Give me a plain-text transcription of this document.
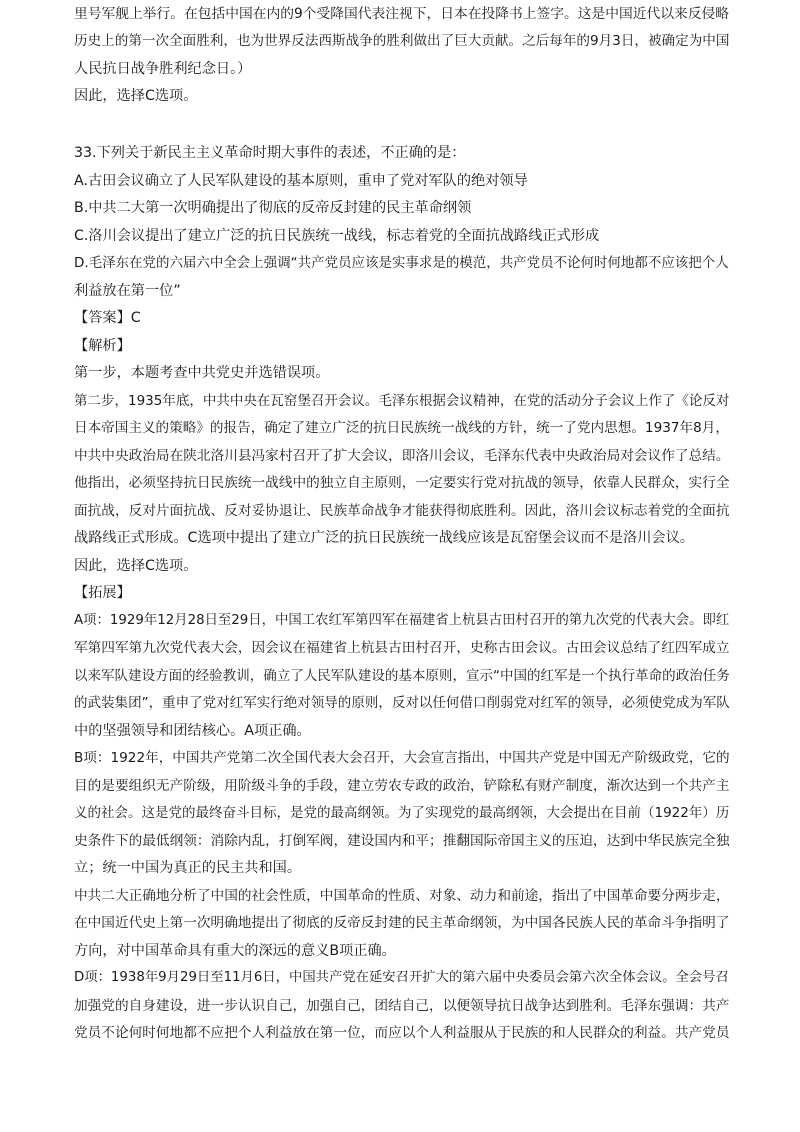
里号军舰上举行。在包括中国在内的9个受降国代表注视下，日本在投降书上签字。这是中国近代以来反侵略
历史上的第一次全面胜利，也为世界反法西斯战争的胜利做出了巨大贡献。之后每年的9月3日，被确定为中国
人民抗日战争胜利纪念日。）
因此，选择C选项。
33.下列关于新民主主义革命时期大事件的表述，不正确的是：
A.古田会议确立了人民军队建设的基本原则，重申了党对军队的绝对领导
B.中共二大第一次明确提出了彻底的反帝反封建的民主革命纲领
C.洛川会议提出了建立广泛的抗日民族统一战线，标志着党的全面抗战路线正式形成
D.毛泽东在党的六届六中全会上强调“共产党员应该是实事求是的模范，共产党员不论何时何地都不应该把个人
利益放在第一位”
【答案】C
【解析】
第一步，本题考查中共党史并选错误项。
第二步，1935年底，中共中央在瓦窑堡召开会议。毛泽东根据会议精神，在党的活动分子会议上作了《论反对
日本帝国主义的策略》的报告，确定了建立广泛的抗日民族统一战线的方针，统一了党内思想。1937年8月，
中共中央政治局在陕北洛川县冯家村召开了扩大会议，即洛川会议，毛泽东代表中央政治局对会议作了总结。
他指出，必须坚持抗日民族统一战线中的独立自主原则，一定要实行党对抗战的领导，依靠人民群众，实行全
面抗战，反对片面抗战、反对妥协退让、民族革命战争才能获得彻底胜利。因此，洛川会议标志着党的全面抗
战路线正式形成。C选项中提出了建立广泛的抗日民族统一战线应该是瓦窑堡会议而不是洛川会议。
因此，选择C选项。
【拓展】
A项：1929年12月28日至29日，中国工农红军第四军在福建省上杭县古田村召开的第九次党的代表大会。即红
军第四军第九次党代表大会，因会议在福建省上杭县古田村召开，史称古田会议。古田会议总结了红四军成立
以来军队建设方面的经验教训，确立了人民军队建设的基本原则，宣示“中国的红军是一个执行革命的政治任务
的武装集团”，重申了党对红军实行绝对领导的原则，反对以任何借口削弱党对红军的领导，必须使党成为军队
中的坚强领导和团结核心。A项正确。
B项：1922年，中国共产党第二次全国代表大会召开，大会宣言指出，中国共产党是中国无产阶级政党，它的
目的是要组织无产阶级，用阶级斗争的手段，建立劳农专政的政治，铲除私有财产制度，渐次达到一个共产主
义的社会。这是党的最终奋斗目标，是党的最高纲领。为了实现党的最高纲领，大会提出在目前（1922年）历
史条件下的最低纲领：消除内乱，打倒军阀，建设国内和平；推翻国际帝国主义的压迫，达到中华民族完全独
立；统一中国为真正的民主共和国。
中共二大正确地分析了中国的社会性质，中国革命的性质、对象、动力和前途，指出了中国革命要分两步走，
在中国近代史上第一次明确地提出了彻底的反帝反封建的民主革命纲领，为中国各民族人民的革命斗争指明了
方向，对中国革命具有重大的深远的意义B项正确。
D项：1938年9月29日至11月6日，中国共产党在延安召开扩大的第六届中央委员会第六次全体会议。全会号召
加强党的自身建设，进一步认识自己，加强自己，团结自己，以便领导抗日战争达到胜利。毛泽东强调：共产
党员不论何时何地都不应把个人利益放在第一位，而应以个人利益服从于民族的和人民群众的利益。共产党员
